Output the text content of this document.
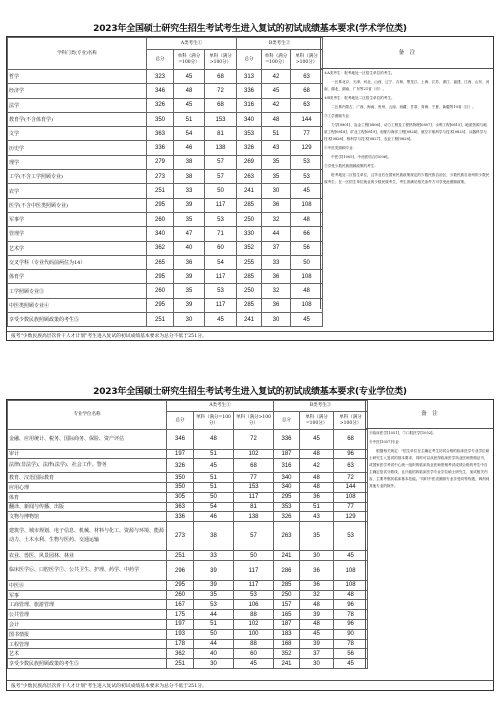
2023年全国硕士研究生招生考试考生进入复试的初试成绩基本要求(学术学位类)
学科门类(专业)名称	A类考生①			B类考生②		
	总分	单科（满分=100分）	单科（满分>100分）	总分	单科（满分=100分）	单科（满分>100分）
哲学	323	45	68	313	42	63
经济学	346	48	72	336	45	68
法学	326	45	68	316	42	63
教育学(不含体育学)	350	51	153	340	48	144
文学	363	54	81	353	51	77
历史学	336	46	138	326	43	129
理学	279	38	57	269	35	53
工学(不含工学照顾专业)	273	38	57	263	35	53
农学	251	33	50	241	30	45
医学(不含中医类照顾专业)	295	39	117	285	36	108
军事学	260	35	53	250	32	48
管理学	340	47	71	330	44	66
艺术学	362	40	60	352	37	56
交叉学科（专业代码前两位为14）	265	36	54	255	33	50
体育学	295	39	117	285	36	108
工学照顾专业③	260	35	53	250	32	48
中医类照顾专业④	295	39	117	285	36	108
享受少数民族照顾政策的考生⑤	251	30	45	241	30	45
备　注
①A类考生：报考地处一区招生单位的考生。
　　一区系北京、天津、河北、山西、辽宁、吉林、黑龙江、上海、江苏、浙江、福建、江西、山东、河南、湖北、湖南、广东等21省（市）。
②B类考生：报考地处二区招生单位的考生。
　　二区系内蒙古、广西、海南、贵州、云南、西藏、甘肃、青海、宁夏、新疆等10省（区）。
③工学照顾专业：
　　力学[0801]、冶金工程[0806]、动力工程及工程热物理[0807]、水利工程[0815]、地质资源与地质工程[0818]、矿业工程[0819]、船舶与海洋工程[0824]、航空宇航科学与技术[0825]、兵器科学与技术[0826]、核科学与技术[0827]、农业工程[0828]。
④中医类照顾专业：
　　中医学[1005]、中西医结合[1006]。
⑤享受少数民族照顾政策的考生：
　　报考地处二区招生单位，且毕业后在国家民族政策规定的少数民族自治区、少数民族自治州的少数民族考生；在一区招生单位就业的少数民族考生，考生须满足相关条件方可享受此照顾政策。
报考"少数民族高层次骨干人才计划"考生进入复试的初试成绩基本要求为总分不低于251分。
2023年全国硕士研究生招生考试考生进入复试的初试成绩基本要求(专业学位类)
专业学位名称	A类考生①			B类考生②		
	总分	单科（满分=100分）	单科（满分>100分）	总分	单科（满分=100分）	单科（满分>100分）
金融、应用统计、税务、国际商务、保险、资产评估	346	48	72	336	45	68
审计	197	51	102	187	48	96
法律(非法学)、法律(法学)、社会工作、警务	326	45	68	316	42	63
教育、汉语国际教育	350	51	77	340	48	72
应用心理	350	51	153	340	48	144
体育	305	50	117	295	36	108
翻译、新闻与传播、出版	363	54	81	353	51	77
文物与博物馆	336	46	138	326	43	129
建筑学、城市规划、电子信息、机械、材料与化工、资源与环境、能源动力、土木水利、生物与医药、交通运输	273	38	57	263	35	53
农业、兽医、风景园林、林业	251	33	50	241	30	45
临床医学⑥、口腔医学⑦、公共卫生、护理、药学、中药学	296	39	117	286	36	108
中医⑧	295	39	117	285	36	108
军事	260	35	53	250	32	48
工商管理、旅游管理	167	53	106	157	48	96
公共管理	175	44	88	165	39	78
会计	197	51	102	187	48	96
图书情报	193	50	100	183	45	90
工程管理	178	44	88	168	39	78
艺术	362	40	60	352	37	56
享受少数民族照顾政策的考生⑤	251	30	45	241	30	45
备　注
⑥临床医学[1051]、⑦口腔医学[1052]。
⑧中医[1057]专业：
　　根据相关规定："招生单位在主确定考生初试合格的临床医学专业学位硕士研究生入复试的基本要求，同时可以从获得临床医学执业医师资格证书，或国家医学考试中心统一组织的临床执业医师资格考试成绩合格的考生中自主确定复试分数线，且只能招收临床医学专业学位硕士研究生，加试相关内容，主要考察其临床基本技能。"同时中医类照顾专业享受同等待遇，调剂到其他专业的除外。
报考"少数民族高层次骨干人才计划"考生进入复试的初试成绩基本要求为总分不低于251分。
